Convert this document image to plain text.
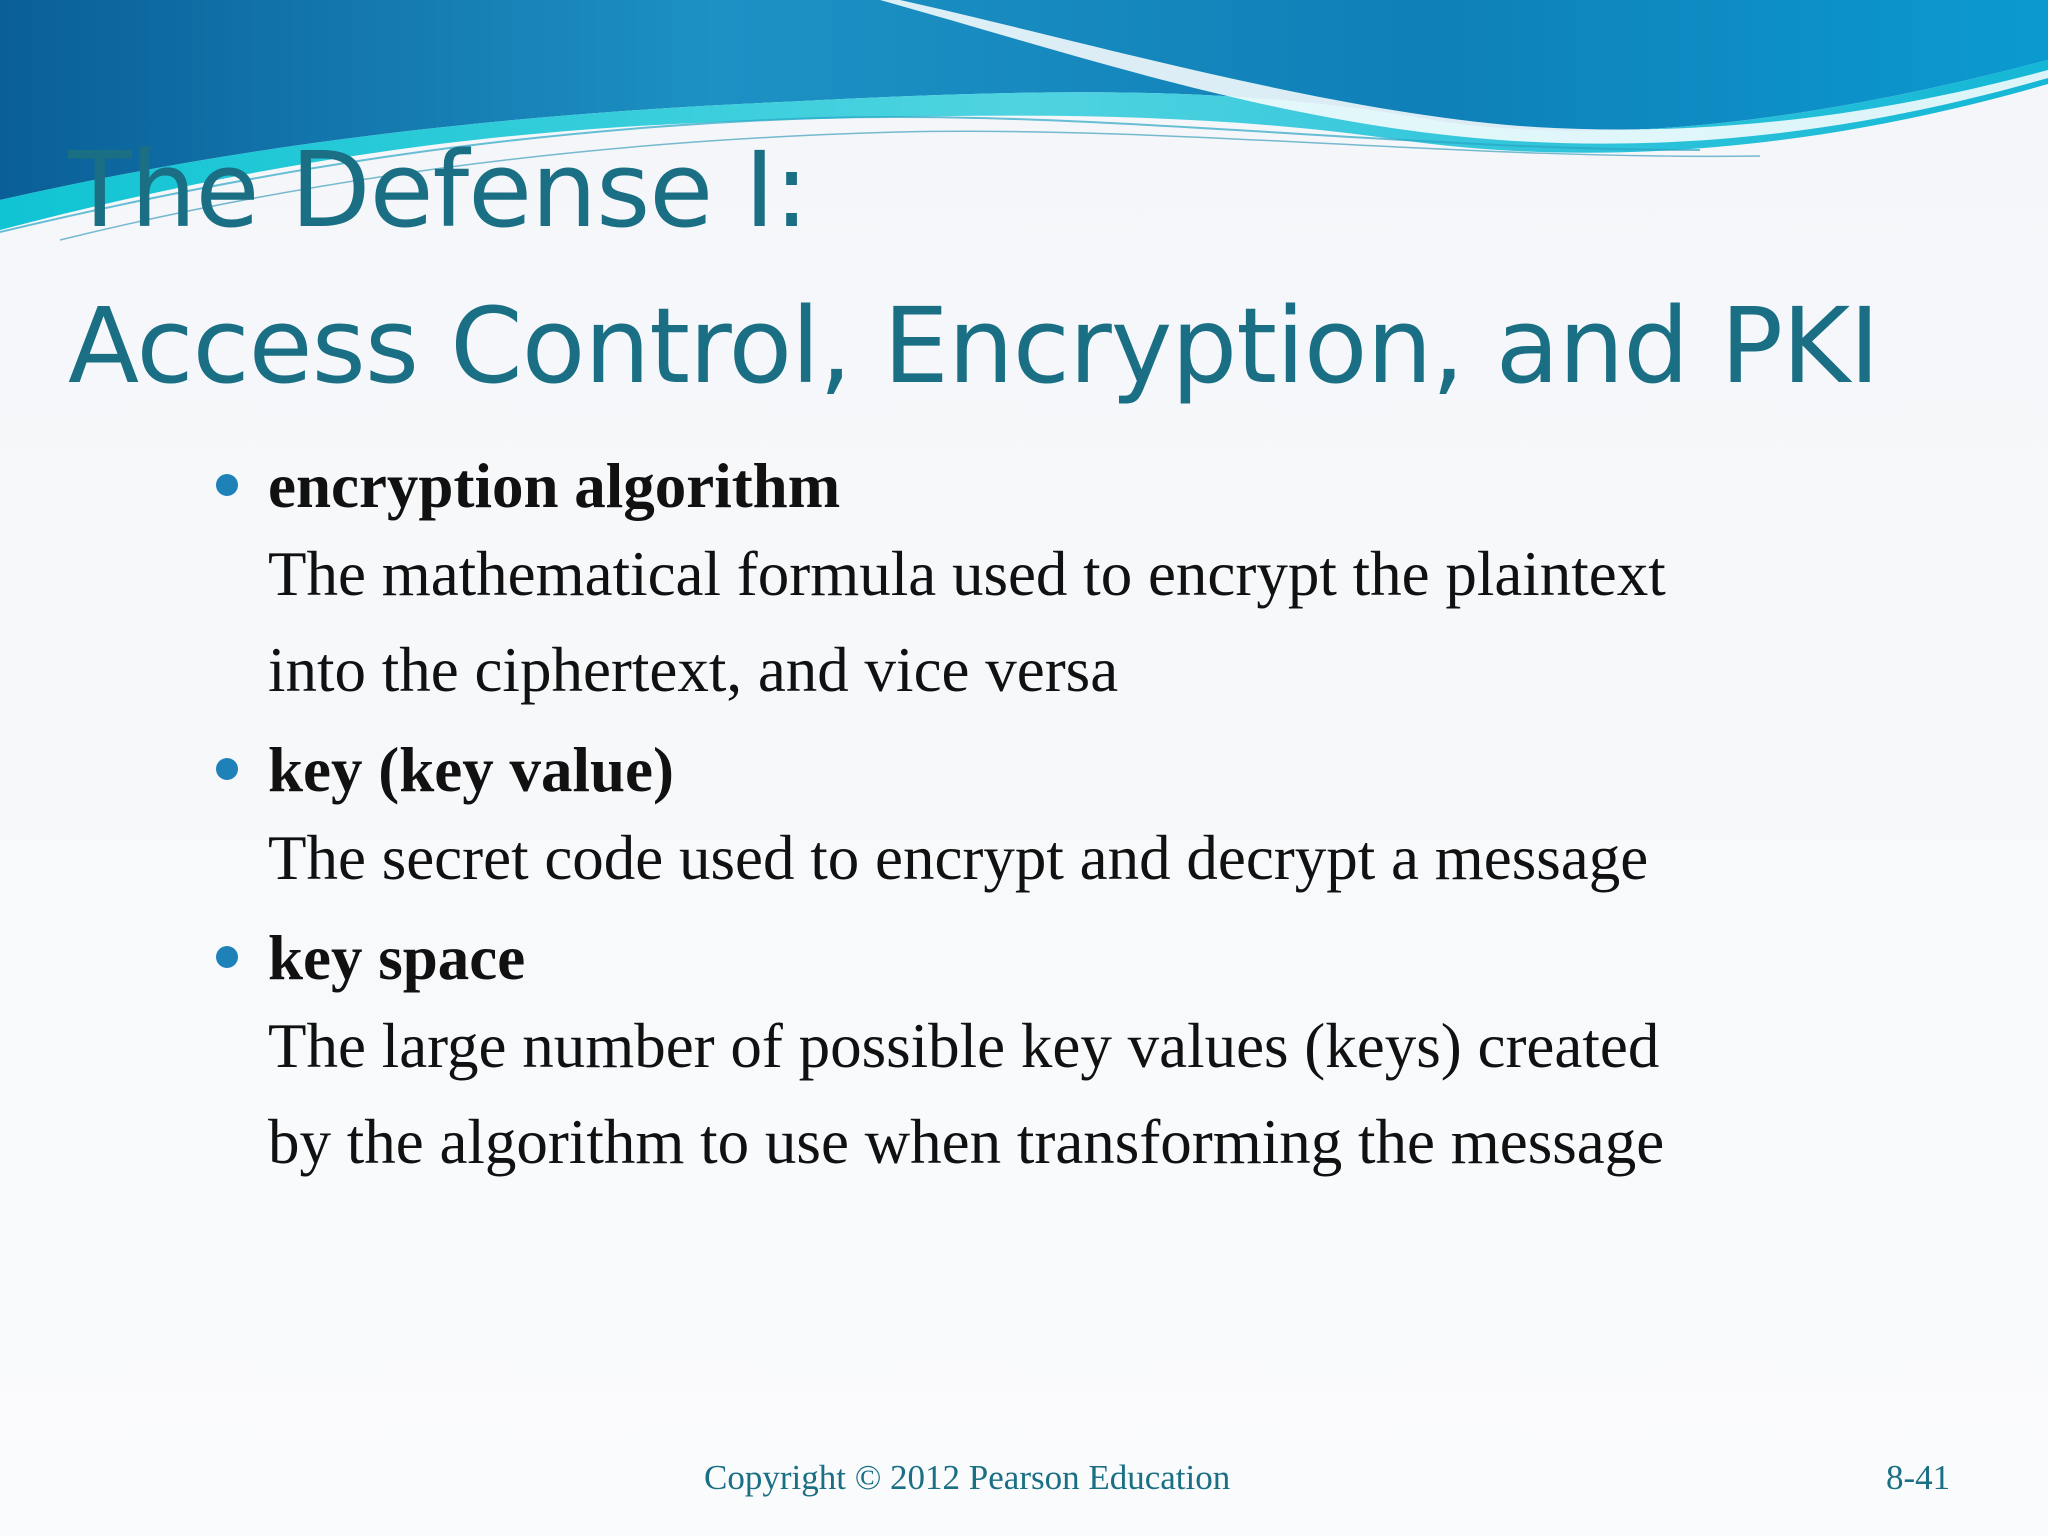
The Defense I:
Access Control, Encryption, and PKI
encryption algorithm
The mathematical formula used to encrypt the plaintext
into the ciphertext, and vice versa
key (key value)
The secret code used to encrypt and decrypt a message
key space
The large number of possible key values (keys) created
by the algorithm to use when transforming the message
Copyright © 2012 Pearson Education	8-41
